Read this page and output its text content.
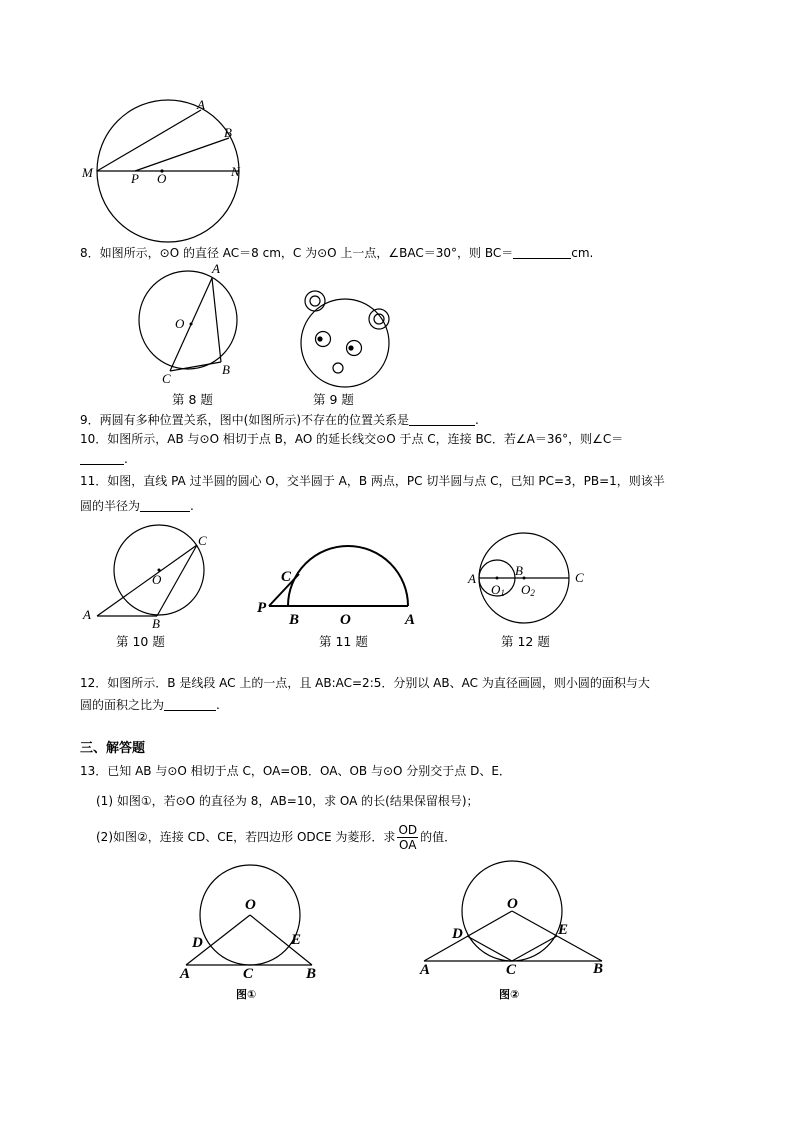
A
B
M	N
P O
8．如图所示，⊙O 的直径 AC＝8 cm，C 为⊙O 上一点，∠BAC＝30°，则 BC＝	cm.
A
O
C
B
第 8 题	第 9 题
9．两圆有多种位置关系，图中(如图所示)不存在的位置关系是	.
10．如图所示，AB 与⊙O 相切于点 B，AO 的延长线交⊙O 于点 C，连接 BC．若∠A＝36°，则∠C＝
.
11．如图，直线 PA 过半圆的圆心 O，交半圆于 A，B 两点，PC 切半圆与点 C，已知 PC=3，PB=1，则该半
圆的半径为	.
C
O
A
B
第 10 题
C
P
B	O	A
第 11 题
A
B	C
O1 O2
第 12 题
12．如图所示．B 是线段 AC 上的一点，且 AB:AC=2:5．分别以 AB、AC 为直径画圆，则小圆的面积与大
圆的面积之比为	.
三、解答题
13．已知 AB 与⊙O 相切于点 C，OA=OB．OA、OB 与⊙O 分别交于点 D、E．
(1) 如图①，若⊙O 的直径为 8，AB=10，求 OA 的长(结果保留根号)；
(2)如图②，连接 CD、CE，若四边形 ODCE 为菱形．求 $\frac{OD}{OA}$ 的值．
O
D	E
A	C	B
图①
O
D	E
A	C	B
图②
